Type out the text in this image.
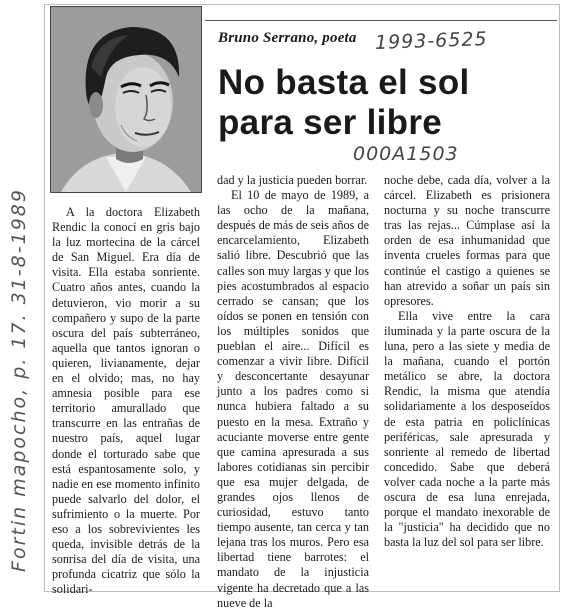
Bruno Serrano, poeta 1993-6525
No basta el sol
para ser libre
000A1503
Fortin mapocho, p. 17. 31-8-1989	A la doctora Elizabeth Rendic la conocí en gris bajo la luz mortecina de la cárcel de San Miguel. Era día de visita. Ella estaba sonriente. Cuatro años antes, cuando la detuvieron, vio morir a su compañero y supo de la parte oscura del país subterráneo, aquella que tantos ignoran o quieren, livianamente, dejar en el olvido; mas, no hay amnesia posible para ese territorio amurallado que transcurre en las entrañas de nuestro país, aquel lugar donde el torturado sabe que está espantosamente solo, y nadie en ese momento infinito puede salvarlo del dolor, el sufrimiento o la muerte. Por eso a los sobrevivientes les queda, invisible detrás de la sonrisa del día de visita, una profunda cicatriz que sólo la solidari-

dad y la justicia pueden borrar.

El 10 de mayo de 1989, a las ocho de la mañana, después de más de seis años de encarcelamiento, Elizabeth salió libre. Descubrió que las calles son muy largas y que los pies acostumbrados al espacio cerrado se cansan; que los oídos se ponen en tensión con los múltiples sonidos que pueblan el aire... Difícil es comenzar a vivir libre. Difícil y desconcertante desayunar junto a los padres como si nunca hubiera faltado a su puesto en la mesa. Extraño y acuciante moverse entre gente que camina apresurada a sus labores cotidianas sin percibir que esa mujer delgada, de grandes ojos llenos de curiosidad, estuvo tanto tiempo ausente, tan cerca y tan lejana tras los muros. Pero esa libertad tiene barrotes: el mandato de la injusticia vigente ha decretado que a las nueve de la

noche debe, cada día, volver a la cárcel. Elizabeth es prisionera nocturna y su noche transcurre tras las rejas... Cúmplase así la orden de esa inhumanidad que inventa crueles formas para que continúe el castigo a quienes se han atrevido a soñar un país sin opresores.

Ella vive entre la cara iluminada y la parte oscura de la luna, pero a las siete y media de la mañana, cuando el portón metálico se abre, la doctora Rendic, la misma que atendía solidariamente a los desposeídos de esta patria en policlínicas periféricas, sale apresurada y sonriente al remedo de libertad concedido. Sabe que deberá volver cada noche a la parte más oscura de esa luna enrejada, porque el mandato inexorable de la "justicia" ha decidido que no basta la luz del sol para ser libre.
